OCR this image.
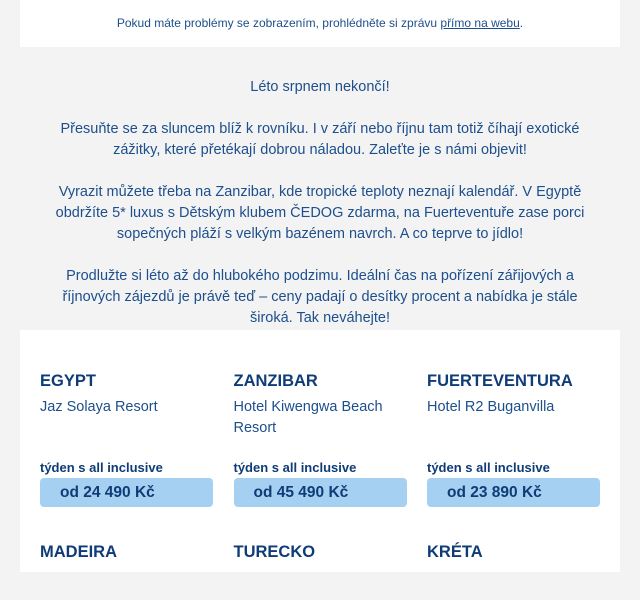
Pokud máte problémy se zobrazením, prohlédněte si zprávu přímo na webu.

Léto srpnem nekončí!

Přesuňte se za sluncem blíž k rovníku. I v září nebo říjnu tam totiž číhají exotické zážitky, které přetékají dobrou náladou. Zaleťte je s námi objevit!

Vyrazit můžete třeba na Zanzibar, kde tropické teploty neznají kalendář. V Egyptě obdržíte 5* luxus s Dětským klubem ČEDOG zdarma, na Fuerteventuře zase porci sopečných pláží s velkým bazénem navrch. A co teprve to jídlo!

Prodlužte si léto až do hlubokého podzimu. Ideální čas na pořízení zářijových a říjnových zájezdů je právě teď – ceny padají o desítky procent a nabídka je stále široká. Tak neváhejte!

EGYPT
Jaz Solaya Resort
týden s all inclusive
od 24 490 Kč
ZANZIBAR
Hotel Kiwengwa Beach Resort
týden s all inclusive
od 45 490 Kč
FUERTEVENTURA
Hotel R2 Buganvilla
týden s all inclusive
od 23 890 Kč
MADEIRA	TURECKO	KRÉTA
